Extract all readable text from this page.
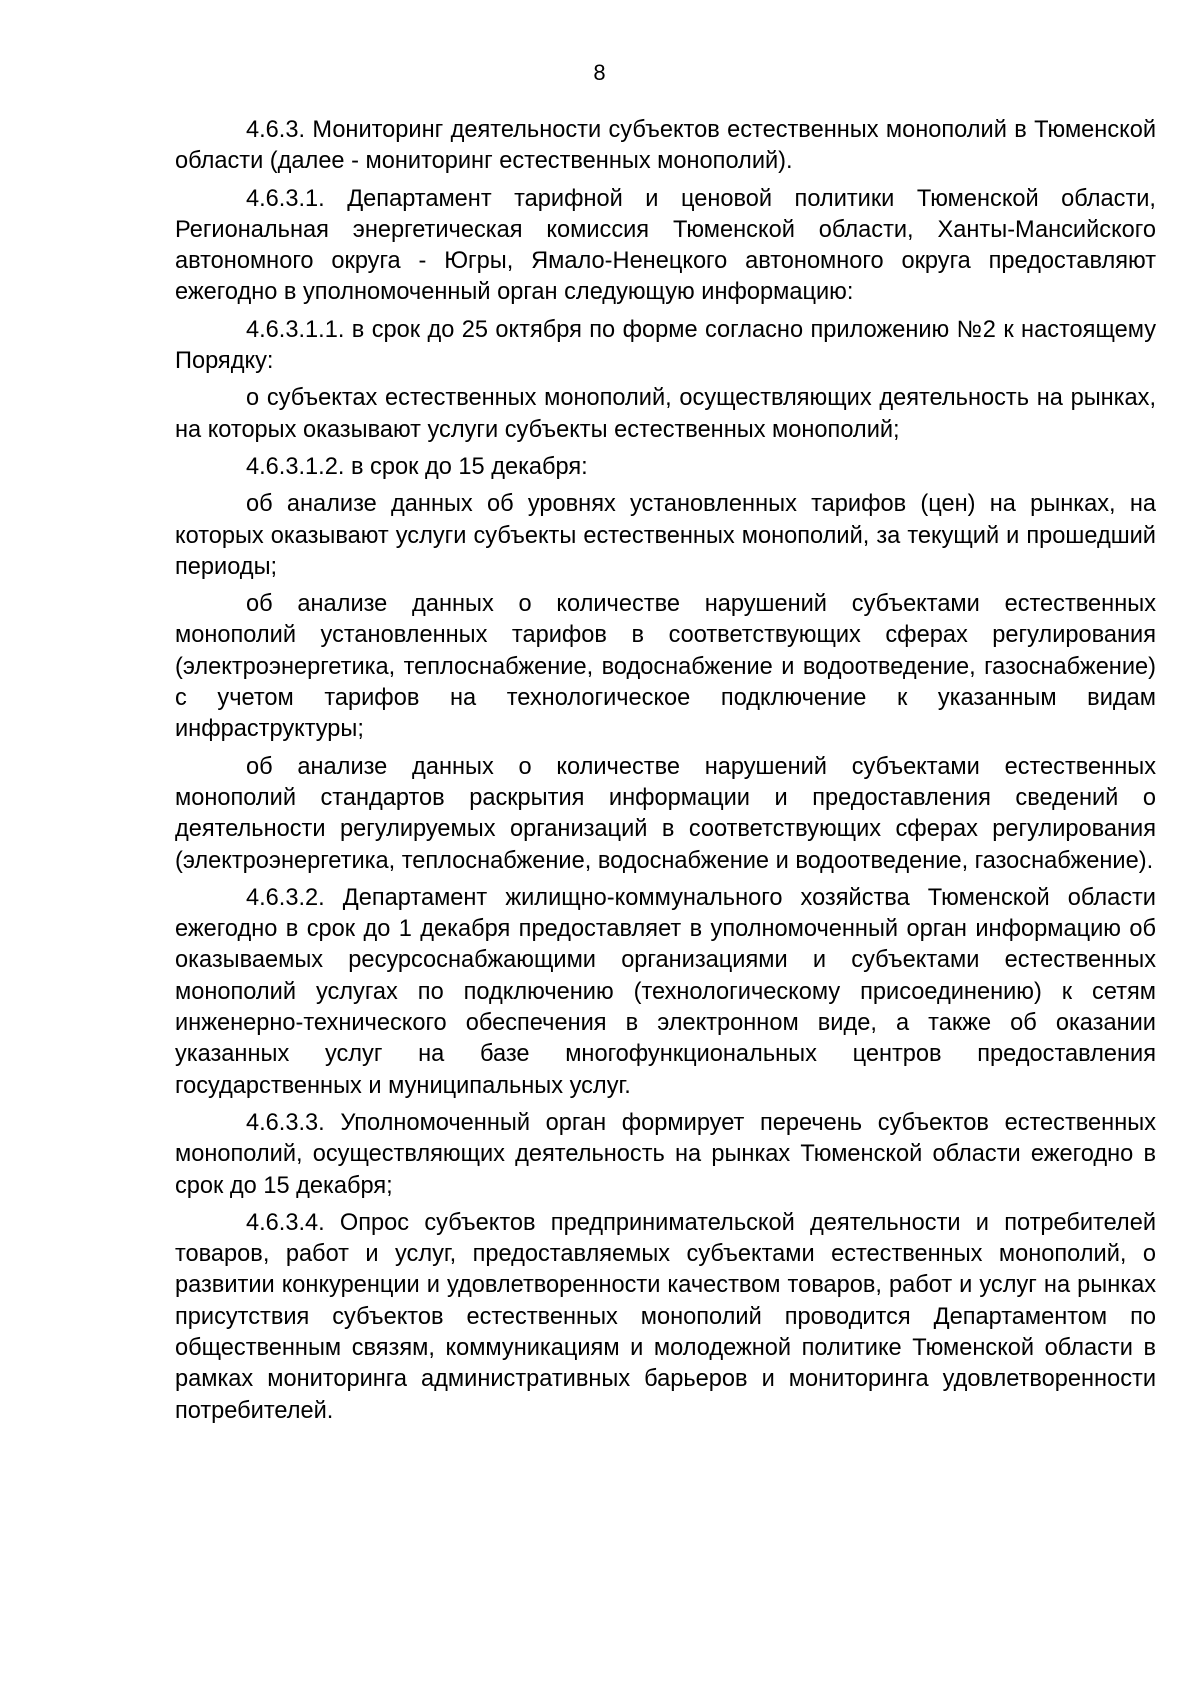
8

4.6.3. Мониторинг деятельности субъектов естественных монополий в Тюменской области (далее - мониторинг естественных монополий).

4.6.3.1. Департамент тарифной и ценовой политики Тюменской области, Региональная энергетическая комиссия Тюменской области, Ханты-Мансийского автономного округа - Югры, Ямало-Ненецкого автономного округа предоставляют ежегодно в уполномоченный орган следующую информацию:

4.6.3.1.1. в срок до 25 октября по форме согласно приложению №2 к настоящему Порядку:

о субъектах естественных монополий, осуществляющих деятельность на рынках, на которых оказывают услуги субъекты естественных монополий;

4.6.3.1.2. в срок до 15 декабря:

об анализе данных об уровнях установленных тарифов (цен) на рынках, на которых оказывают услуги субъекты естественных монополий, за текущий и прошедший периоды;

об анализе данных о количестве нарушений субъектами естественных монополий установленных тарифов в соответствующих сферах регулирования (электроэнергетика, теплоснабжение, водоснабжение и водоотведение, газоснабжение) с учетом тарифов на технологическое подключение к указанным видам инфраструктуры;

об анализе данных о количестве нарушений субъектами естественных монополий стандартов раскрытия информации и предоставления сведений о деятельности регулируемых организаций в соответствующих сферах регулирования (электроэнергетика, теплоснабжение, водоснабжение и водоотведение, газоснабжение).

4.6.3.2. Департамент жилищно-коммунального хозяйства Тюменской области ежегодно в срок до 1 декабря предоставляет в уполномоченный орган информацию об оказываемых ресурсоснабжающими организациями и субъектами естественных монополий услугах по подключению (технологическому присоединению) к сетям инженерно-технического обеспечения в электронном виде, а также об оказании указанных услуг на базе многофункциональных центров предоставления государственных и муниципальных услуг.

4.6.3.3. Уполномоченный орган формирует перечень субъектов естественных монополий, осуществляющих деятельность на рынках Тюменской области ежегодно в срок до 15 декабря;

4.6.3.4. Опрос субъектов предпринимательской деятельности и потребителей товаров, работ и услуг, предоставляемых субъектами естественных монополий, о развитии конкуренции и удовлетворенности качеством товаров, работ и услуг на рынках присутствия субъектов естественных монополий проводится Департаментом по общественным связям, коммуникациям и молодежной политике Тюменской области в рамках мониторинга административных барьеров и мониторинга удовлетворенности потребителей.
